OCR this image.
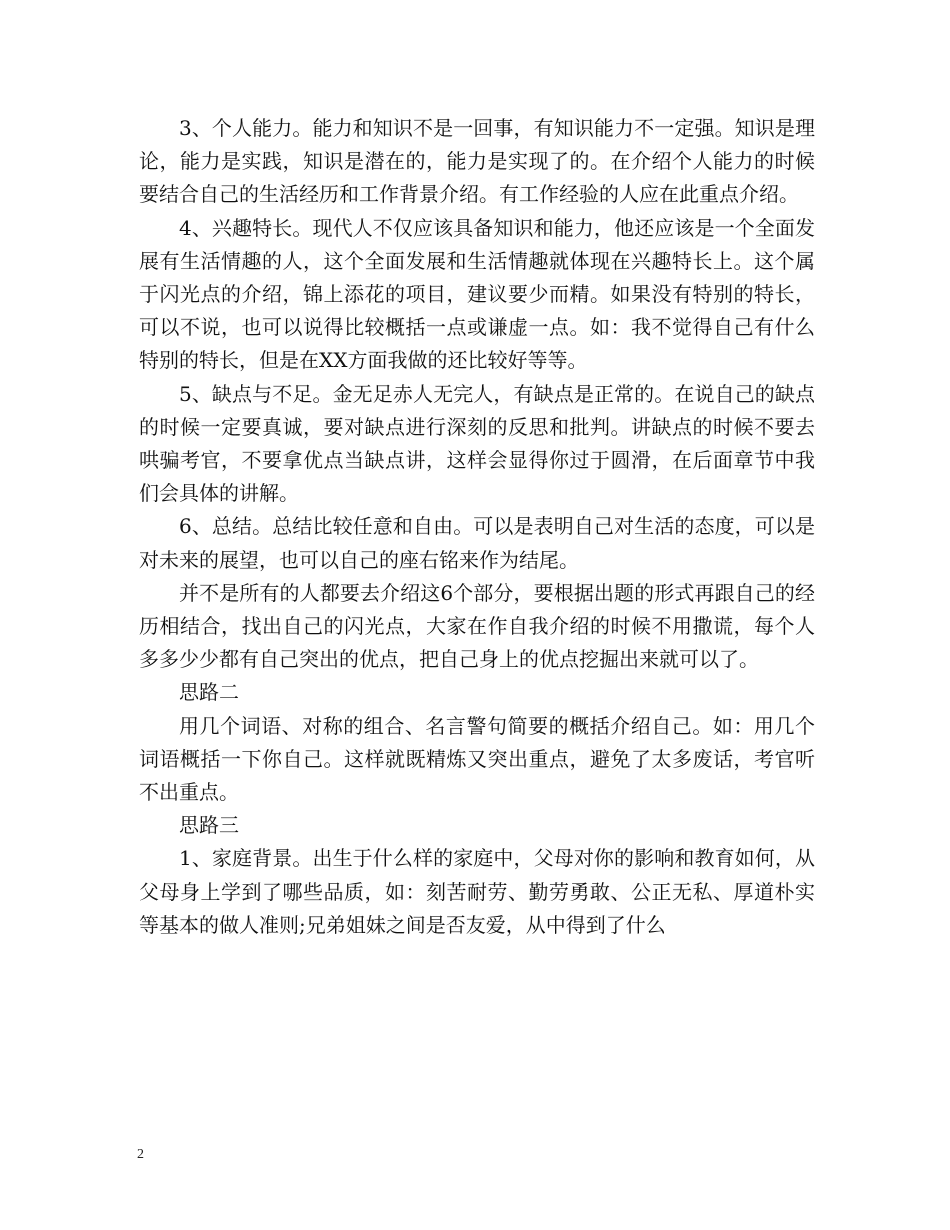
3、个人能力。能力和知识不是一回事，有知识能力不一定强。知识是理论，能力是实践，知识是潜在的，能力是实现了的。在介绍个人能力的时候要结合自己的生活经历和工作背景介绍。有工作经验的人应在此重点介绍。

4、兴趣特长。现代人不仅应该具备知识和能力，他还应该是一个全面发展有生活情趣的人，这个全面发展和生活情趣就体现在兴趣特长上。这个属于闪光点的介绍，锦上添花的项目，建议要少而精。如果没有特别的特长，可以不说，也可以说得比较概括一点或谦虚一点。如：我不觉得自己有什么特别的特长，但是在XX方面我做的还比较好等等。

5、缺点与不足。金无足赤人无完人，有缺点是正常的。在说自己的缺点的时候一定要真诚，要对缺点进行深刻的反思和批判。讲缺点的时候不要去哄骗考官，不要拿优点当缺点讲，这样会显得你过于圆滑，在后面章节中我们会具体的讲解。

6、总结。总结比较任意和自由。可以是表明自己对生活的态度，可以是对未来的展望，也可以自己的座右铭来作为结尾。

并不是所有的人都要去介绍这6个部分，要根据出题的形式再跟自己的经历相结合，找出自己的闪光点，大家在作自我介绍的时候不用撒谎，每个人多多少少都有自己突出的优点，把自己身上的优点挖掘出来就可以了。

思路二

用几个词语、对称的组合、名言警句简要的概括介绍自己。如：用几个词语概括一下你自己。这样就既精炼又突出重点，避免了太多废话，考官听不出重点。

思路三

1、家庭背景。出生于什么样的家庭中，父母对你的影响和教育如何，从父母身上学到了哪些品质，如：刻苦耐劳、勤劳勇敢、公正无私、厚道朴实等基本的做人准则;兄弟姐妹之间是否友爱，从中得到了什么

2
